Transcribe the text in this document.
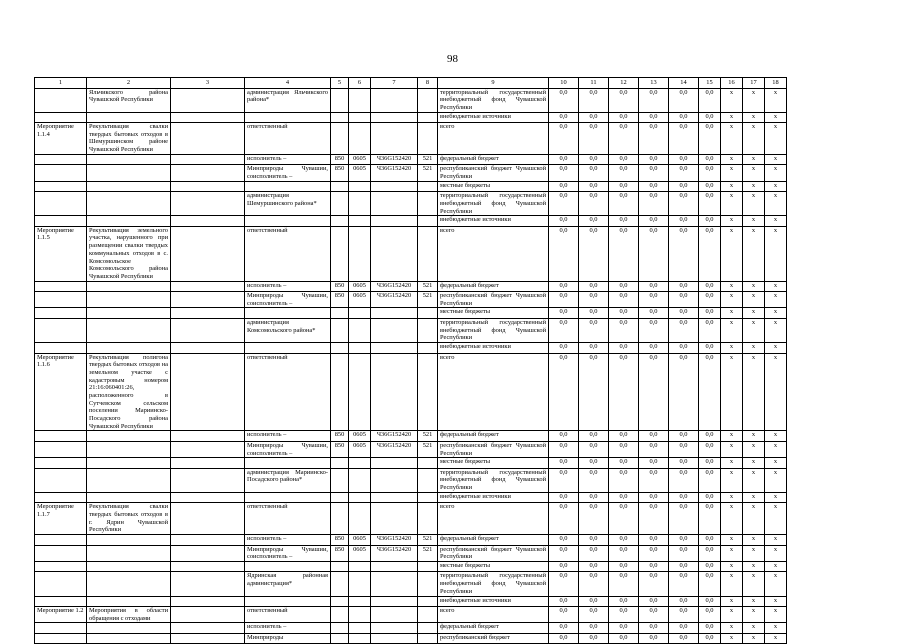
98
1	2	3	4	5	6	7	8	9	10	11	12	13	14	15	16	17	18
	Яльчикского района Чувашской Республики		администрация Яльчикского района*					территориальный государственный внебюджетный фонд Чувашской Республики	0,0	0,0	0,0	0,0	0,0	0,0	x	x	x
								внебюджетные источники	0,0	0,0	0,0	0,0	0,0	0,0	x	x	x
Мероприятие 1.1.4	Рекультивация свалки твердых бытовых отходов в Шемуршинском районе Чувашской Республики		ответственный					всего	0,0	0,0	0,0	0,0	0,0	0,0	x	x	x
			исполнитель –	850	0605	Ч36G152420	521	федеральный бюджет	0,0	0,0	0,0	0,0	0,0	0,0	x	x	x
			Минприроды Чувашии, соисполнитель –	850	0605	Ч36G152420	521	республиканский бюджет Чувашской Республики	0,0	0,0	0,0	0,0	0,0	0,0	x	x	x
								местные бюджеты	0,0	0,0	0,0	0,0	0,0	0,0	x	x	x
			администрация Шемуршинского района*					территориальный государственный внебюджетный фонд Чувашской Республики	0,0	0,0	0,0	0,0	0,0	0,0	x	x	x
								внебюджетные источники	0,0	0,0	0,0	0,0	0,0	0,0	x	x	x
Мероприятие 1.1.5	Рекультивация земельного участка, нарушенного при размещении свалки твердых коммунальных отходов в с. Комсомольское Комсомольского района Чувашской Республики		ответственный					всего	0,0	0,0	0,0	0,0	0,0	0,0	x	x	x
			исполнитель –	850	0605	Ч36G152420	521	федеральный бюджет	0,0	0,0	0,0	0,0	0,0	0,0	x	x	x
			Минприроды Чувашии, соисполнитель –	850	0605	Ч36G152420	521	республиканский бюджет Чувашской Республики	0,0	0,0	0,0	0,0	0,0	0,0	x	x	x
								местные бюджеты	0,0	0,0	0,0	0,0	0,0	0,0	x	x	x
			администрация Комсомольского района*					территориальный государственный внебюджетный фонд Чувашской Республики	0,0	0,0	0,0	0,0	0,0	0,0	x	x	x
								внебюджетные источники	0,0	0,0	0,0	0,0	0,0	0,0	x	x	x
Мероприятие 1.1.6	Рекультивация полигона твердых бытовых отходов на земельном участке с кадастровым номером 21:16:060401:26, расположенного в Сутчевском сельском поселении Мариинско-Посадского района Чувашской Республики		ответственный					всего	0,0	0,0	0,0	0,0	0,0	0,0	x	x	x
			исполнитель –	850	0605	Ч36G152420	521	федеральный бюджет	0,0	0,0	0,0	0,0	0,0	0,0	x	x	x
			Минприроды Чувашии, соисполнитель –	850	0605	Ч36G152420	521	республиканский бюджет Чувашской Республики	0,0	0,0	0,0	0,0	0,0	0,0	x	x	x
								местные бюджеты	0,0	0,0	0,0	0,0	0,0	0,0	x	x	x
			администрация Мариинско-Посадского района*					территориальный государственный внебюджетный фонд Чувашской Республики	0,0	0,0	0,0	0,0	0,0	0,0	x	x	x
								внебюджетные источники	0,0	0,0	0,0	0,0	0,0	0,0	x	x	x
Мероприятие 1.1.7	Рекультивация свалки твердых бытовых отходов в г. Ядрин Чувашской Республики		ответственный					всего	0,0	0,0	0,0	0,0	0,0	0,0	x	x	x
			исполнитель –	850	0605	Ч36G152420	521	федеральный бюджет	0,0	0,0	0,0	0,0	0,0	0,0	x	x	x
			Минприроды Чувашии, соисполнитель –	850	0605	Ч36G152420	521	республиканский бюджет Чувашской Республики	0,0	0,0	0,0	0,0	0,0	0,0	x	x	x
								местные бюджеты	0,0	0,0	0,0	0,0	0,0	0,0	x	x	x
			Ядринская районная администрация*					территориальный государственный внебюджетный фонд Чувашской Республики	0,0	0,0	0,0	0,0	0,0	0,0	x	x	x
								внебюджетные источники	0,0	0,0	0,0	0,0	0,0	0,0	x	x	x
Мероприятие 1.2	Мероприятия в области обращения с отходами		ответственный					всего	0,0	0,0	0,0	0,0	0,0	0,0	x	x	x
			исполнитель –					федеральный бюджет	0,0	0,0	0,0	0,0	0,0	0,0	x	x	x
			Минприроды					республиканский бюджет	0,0	0,0	0,0	0,0	0,0	0,0	x	x	x
